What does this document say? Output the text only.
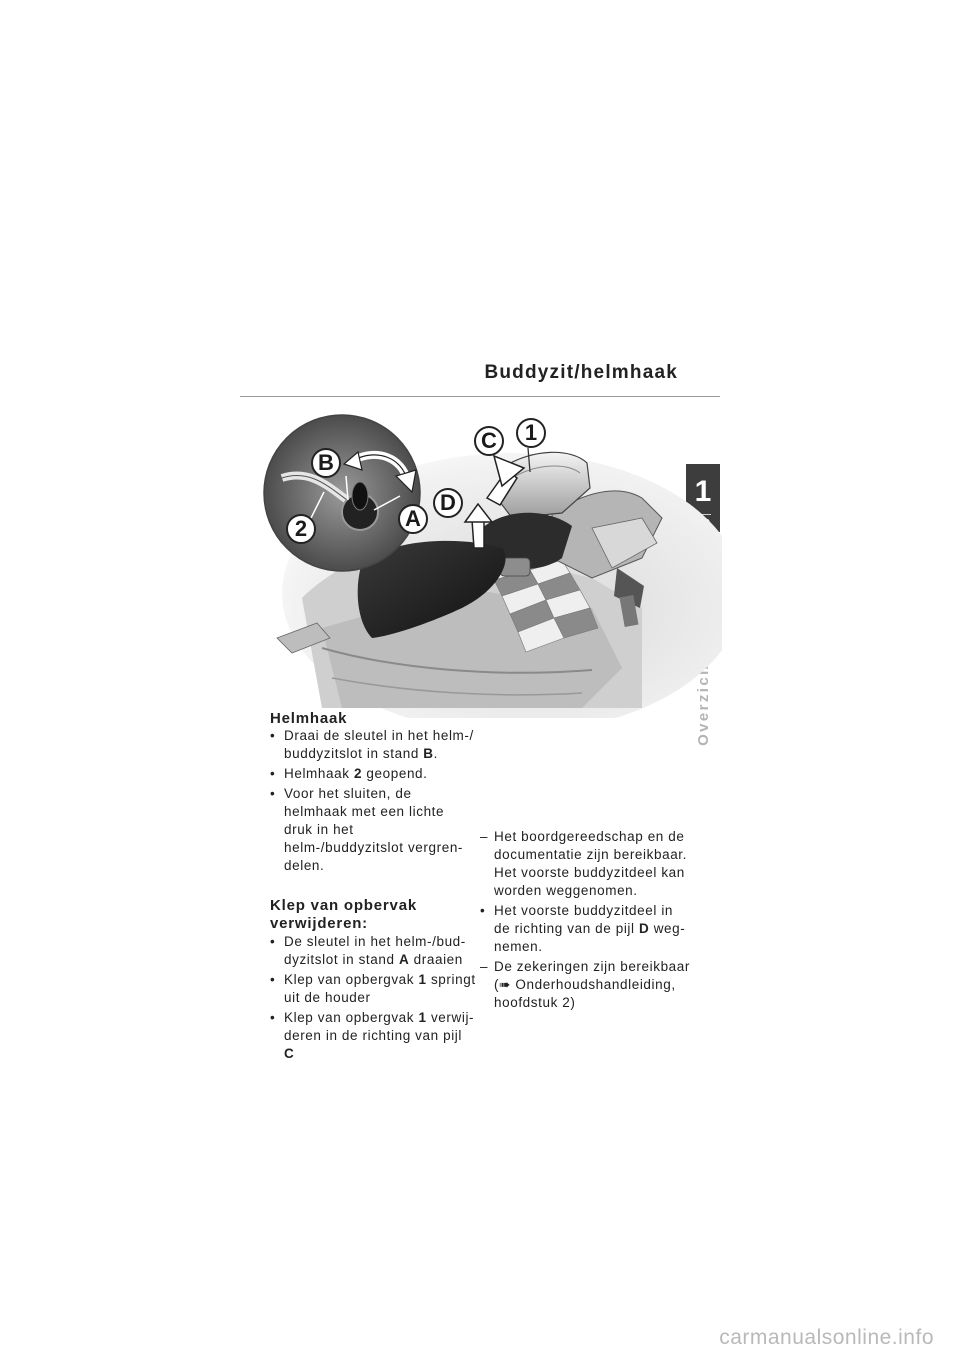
Buddyzit/helmhaak
1
C	1
B
D
2	A
Helmhaak
• Draai de sleutel in het helm-/ buddyzitslot in stand B.
• Helmhaak 2 geopend.
• Voor het sluiten, de helmhaak met een lichte druk in het helm-/buddyzitslot vergren-delen.
Klep van opbervak verwijderen:
• De sleutel in het helm-/bud-dyzitslot in stand A draaien
• Klep van opbergvak 1 springt uit de houder
• Klep van opbergvak 1 verwij-deren in de richting van pijl C
– Het boordgereedschap en de documentatie zijn bereikbaar. Het voorste buddyzitdeel kan worden weggenomen.
• Het voorste buddyzitdeel in de richting van de pijl D weg-nemen.
– De zekeringen zijn bereikbaar (➠ Onderhoudshandleiding, hoofdstuk 2)
carmanualsonline.info
